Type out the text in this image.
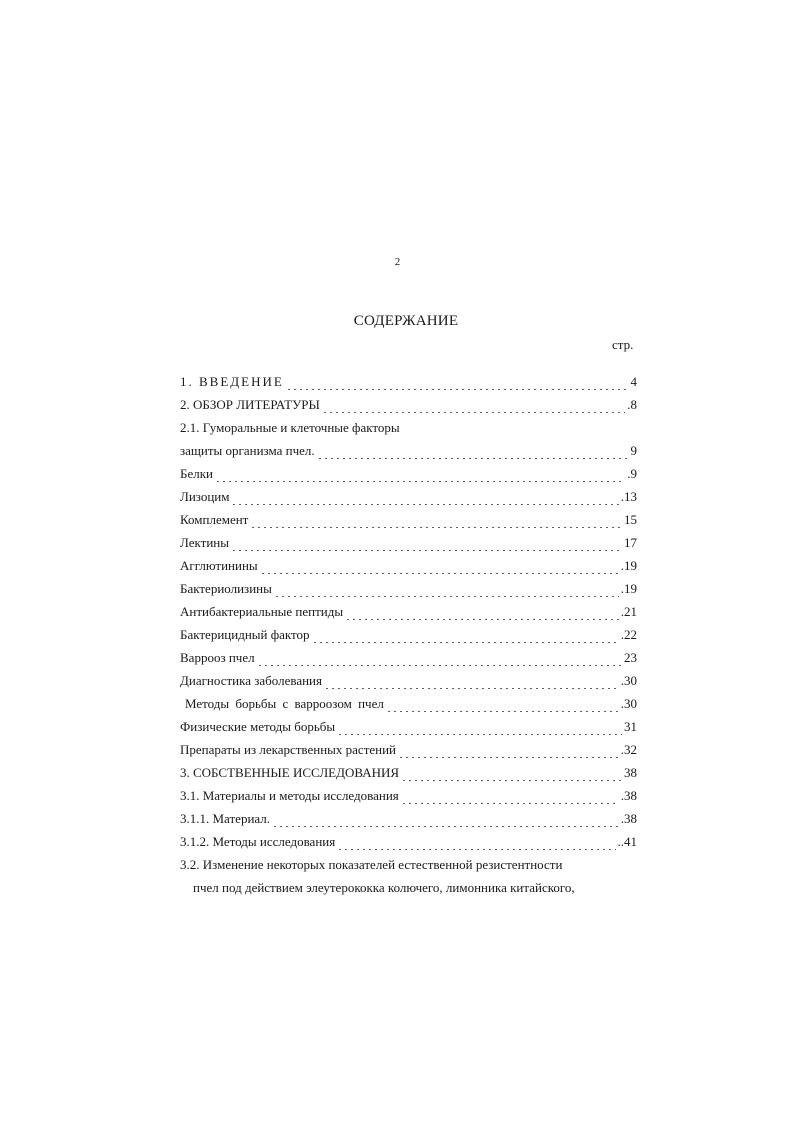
2
СОДЕРЖАНИЕ
стр.
1. ВВЕДЕНИЕ	4
2. ОБЗОР ЛИТЕРАТУРЫ	.8
2.1. Гуморальные и клеточные факторы
защиты организма пчел.	9
Белки	.9
Лизоцим	.13
Комплемент	15
Лектины	17
Агглютинины	.19
Бактериолизины	.19
Антибактериальные пептиды	.21
Бактерицидный фактор	.22
Варрооз пчел	23
Диагностика заболевания	.30
Методы борьбы с варроозом пчел	.30
Физические методы борьбы	31
Препараты из лекарственных растений	.32
3. СОБСТВЕННЫЕ ИССЛЕДОВАНИЯ	38
3.1. Материалы и методы исследования	.38
3.1.1. Материал.	.38
3.1.2. Методы исследования	..41
3.2. Изменение некоторых показателей естественной резистентности
пчел под действием элеутерококка колючего, лимонника китайского,
